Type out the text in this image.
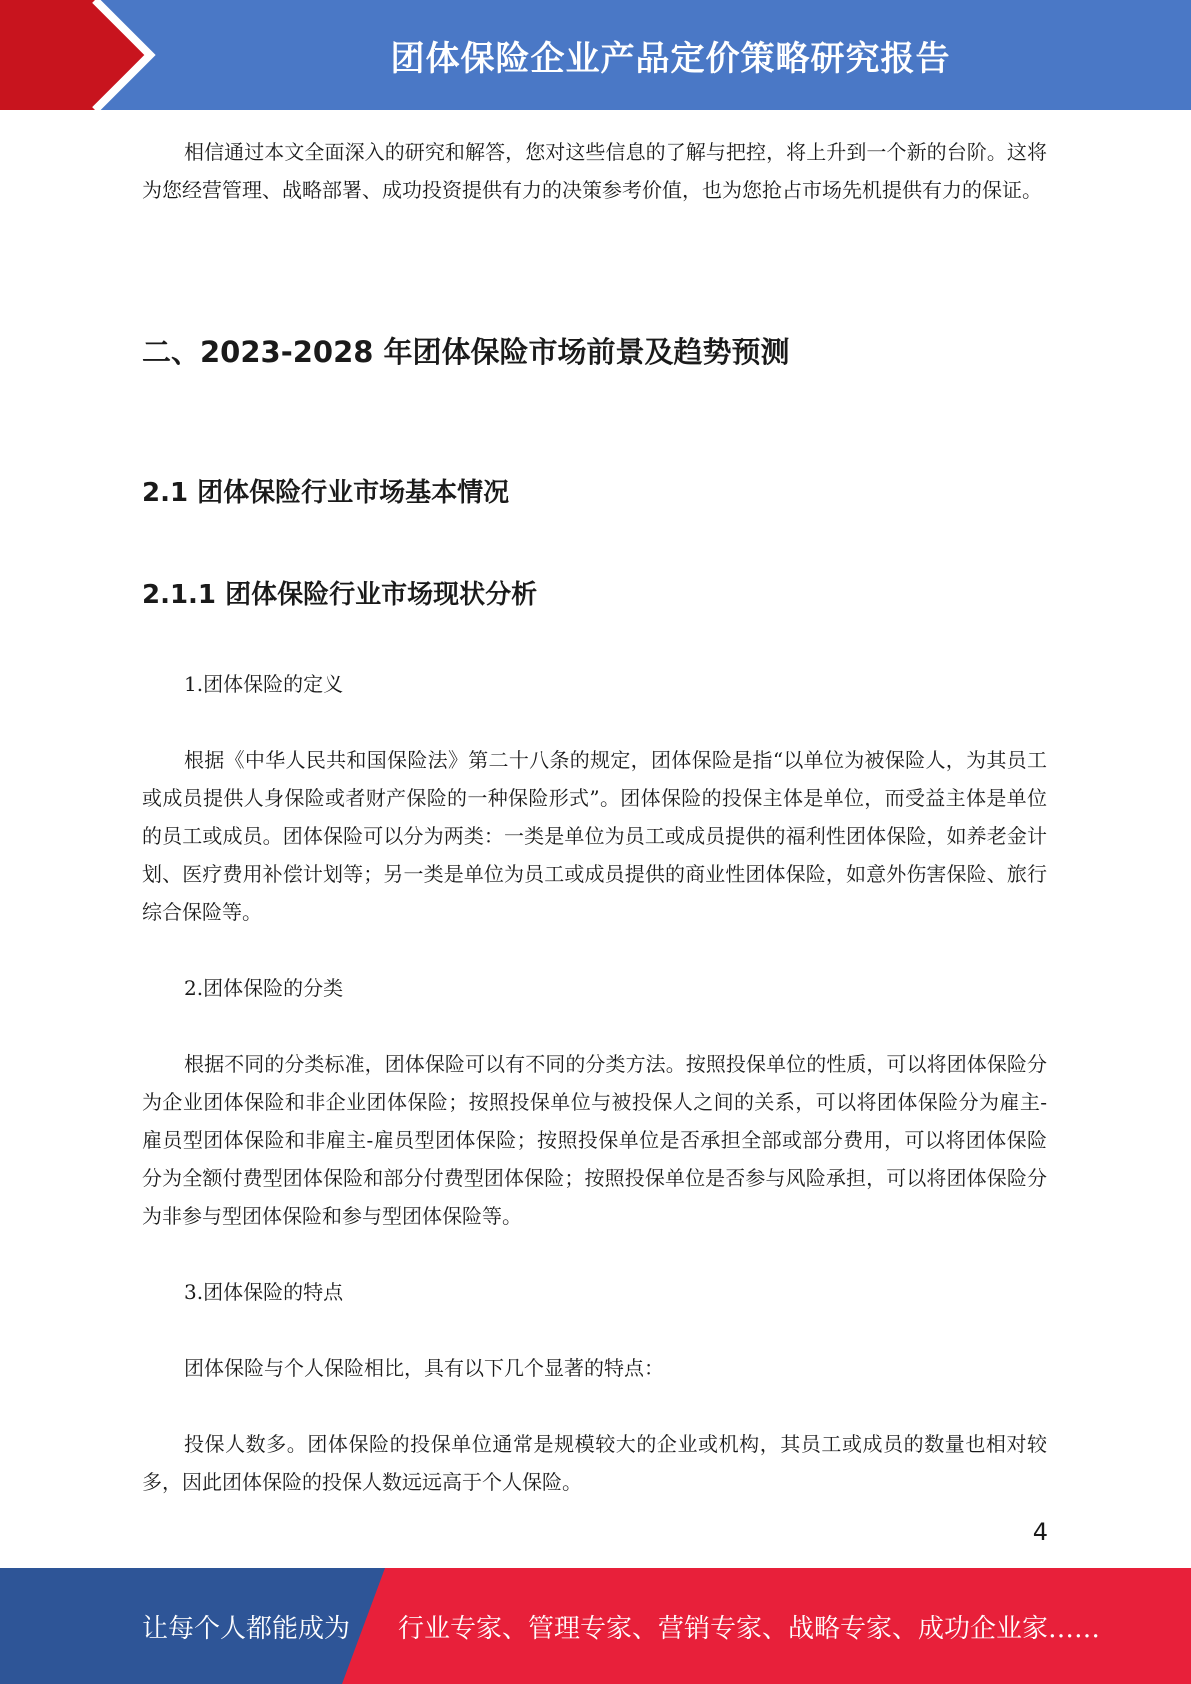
团体保险企业产品定价策略研究报告

相信通过本文全面深入的研究和解答，您对这些信息的了解与把控，将上升到一个新的台阶。这将为您经营管理、战略部署、成功投资提供有力的决策参考价值，也为您抢占市场先机提供有力的保证。

二、2023-2028 年团体保险市场前景及趋势预测
2.1 团体保险行业市场基本情况
2.1.1 团体保险行业市场现状分析

1.团体保险的定义

根据《中华人民共和国保险法》第二十八条的规定，团体保险是指“以单位为被保险人，为其员工或成员提供人身保险或者财产保险的一种保险形式”。团体保险的投保主体是单位，而受益主体是单位的员工或成员。团体保险可以分为两类：一类是单位为员工或成员提供的福利性团体保险，如养老金计划、医疗费用补偿计划等；另一类是单位为员工或成员提供的商业性团体保险，如意外伤害保险、旅行综合保险等。

2.团体保险的分类

根据不同的分类标准，团体保险可以有不同的分类方法。按照投保单位的性质，可以将团体保险分为企业团体保险和非企业团体保险；按照投保单位与被投保人之间的关系，可以将团体保险分为雇主-雇员型团体保险和非雇主-雇员型团体保险；按照投保单位是否承担全部或部分费用，可以将团体保险分为全额付费型团体保险和部分付费型团体保险；按照投保单位是否参与风险承担，可以将团体保险分为非参与型团体保险和参与型团体保险等。

3.团体保险的特点

团体保险与个人保险相比，具有以下几个显著的特点：

投保人数多。团体保险的投保单位通常是规模较大的企业或机构，其员工或成员的数量也相对较多，因此团体保险的投保人数远远高于个人保险。

4
让每个人都能成为 行业专家、管理专家、营销专家、战略专家、成功企业家……
